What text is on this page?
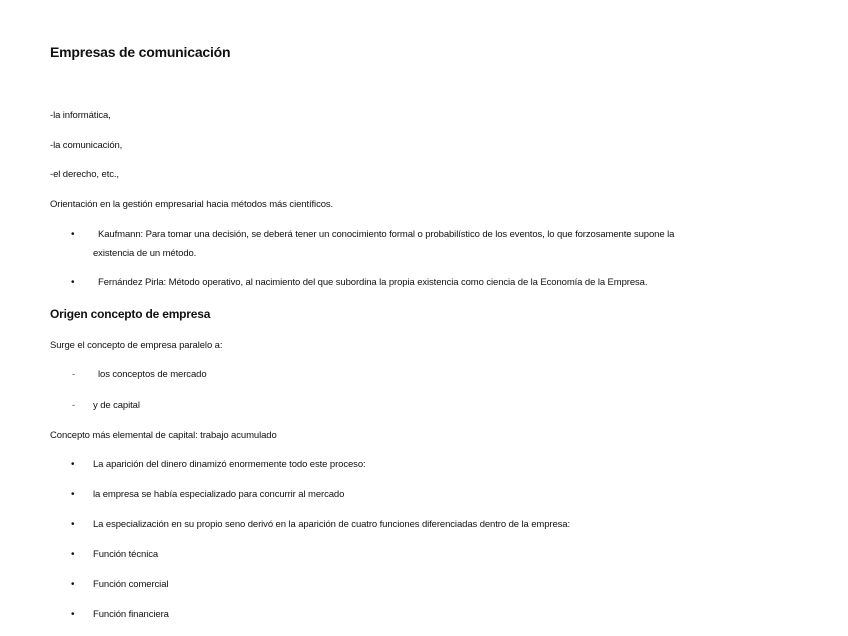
Empresas de comunicación
-la informática,
-la comunicación,
-el derecho, etc.,
Orientación en la gestión empresarial hacia métodos más científicos.
• Kaufmann: Para tomar una decisión, se deberá tener un conocimiento formal o probabilístico de los eventos, lo que forzosamente supone la
existencia de un método.
• Fernández Pirla: Método operativo, al nacimiento del que subordina la propia existencia como ciencia de la Economía de la Empresa.
Origen concepto de empresa
Surge el concepto de empresa paralelo a:
- los conceptos de mercado
- y de capital
Concepto más elemental de capital: trabajo acumulado
• La aparición del dinero dinamizó enormemente todo este proceso:
• la empresa se había especializado para concurrir al mercado
• La especialización en su propio seno derivó en la aparición de cuatro funciones diferenciadas dentro de la empresa:
• Función técnica
• Función comercial
• Función financiera
